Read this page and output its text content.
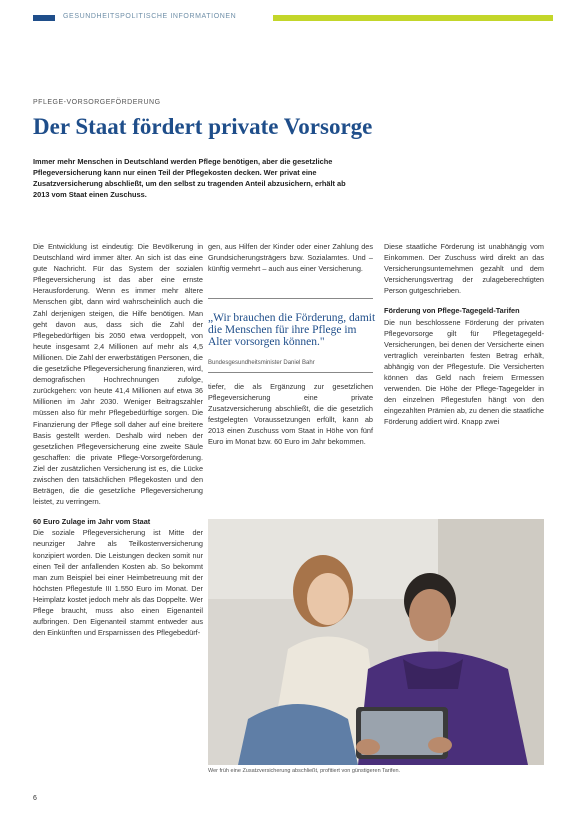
GESUNDHEITSPOLITISCHE INFORMATIONEN
PFLEGE-VORSORGEFÖRDERUNG
Der Staat fördert private Vorsorge

Immer mehr Menschen in Deutschland werden Pflege benötigen, aber die gesetzliche Pflegeversicherung kann nur einen Teil der Pflegekosten decken. Wer privat eine Zusatzversicherung abschließt, um den selbst zu tragenden Anteil abzusichern, erhält ab 2013 vom Staat einen Zuschuss.

Die Entwicklung ist eindeutig: Die Bevölkerung in Deutschland wird immer älter. An sich ist das eine gute Nachricht. Für das System der sozialen Pflegeversicherung ist das aber eine ernste Herausforderung. Wenn es immer mehr ältere Menschen gibt, dann wird wahrscheinlich auch die Zahl derjenigen steigen, die Hilfe benötigen. Man geht davon aus, dass sich die Zahl der Pflegebedürftigen bis 2050 etwa verdoppelt, von heute insgesamt 2,4 Millionen auf mehr als 4,5 Millionen. Die Zahl der erwerbstätigen Personen, die die gesetzliche Pflegeversicherung finanzieren, wird, demografischen Hochrechnungen zufolge, zurückgehen: von heute 41,4 Millionen auf etwa 36 Millionen im Jahr 2030. Weniger Beitragszahler müssen also für mehr Pflegebedürftige sorgen. Die Finanzierung der Pflege soll daher auf eine breitere Basis gestellt werden. Deshalb wird neben der gesetzlichen Pflegeversicherung eine zweite Säule geschaffen: die private Pflege-Vorsorgeförderung. Ziel der zusätzlichen Versicherung ist es, die Lücke zwischen den tatsächlichen Pflegekosten und den Beträgen, die die gesetzliche Pflegeversicherung leistet, zu verringern.

60 Euro Zulage im Jahr vom Staat

Die soziale Pflegeversicherung ist Mitte der neunziger Jahre als Teilkostenversicherung konzipiert worden. Die Leistungen decken somit nur einen Teil der anfallenden Kosten ab. So bekommt man zum Beispiel bei einer Heimbetreuung mit der höchsten Pflegestufe III 1.550 Euro im Monat. Der Heimplatz kostet jedoch mehr als das Doppelte. Wer Pflege braucht, muss also einen Eigenanteil aufbringen. Den Eigenanteil stammt entweder aus den Einkünften und Ersparnissen des Pflegebedürf-

gen, aus Hilfen der Kinder oder einer Zahlung des Grundsicherungsträgers bzw. Sozialamtes. Und – künftig vermehrt – auch aus einer Versicherung.

„Wir brauchen die Förderung, damit die Menschen für ihre Pflege im Alter vorsorgen können."
Bundesgesundheitsminister Daniel Bahr

tiefer, die als Ergänzung zur gesetzlichen Pflegeversicherung eine private Zusatzversicherung abschließt, die die gesetzlich festgelegten Voraussetzungen erfüllt, kann ab 2013 einen Zuschuss vom Staat in Höhe von fünf Euro im Monat bzw. 60 Euro im Jahr bekommen.

Diese staatliche Förderung ist unabhängig vom Einkommen. Der Zuschuss wird direkt an das Versicherungsunternehmen gezahlt und dem Versicherungsvertrag der zulageberechtigten Person gutgeschrieben.

Förderung von Pflege-Tagegeld-Tarifen

Die nun beschlossene Förderung der privaten Pflegevorsorge gilt für Pflegetagegeld-Versicherungen, bei denen der Versicherte einen vertraglich vereinbarten festen Betrag erhält, abhängig von der Pflegestufe. Die Versicherten können das Geld nach freiem Ermessen verwenden. Die Höhe der Pflege-Tagegelder in den einzelnen Pflegestufen hängt von den eingezahlten Prämien ab, zu denen die staatliche Förderung addiert wird. Knapp zwei

Wer früh eine Zusatzversicherung abschließt, profitiert von günstigeren Tarifen.
6
